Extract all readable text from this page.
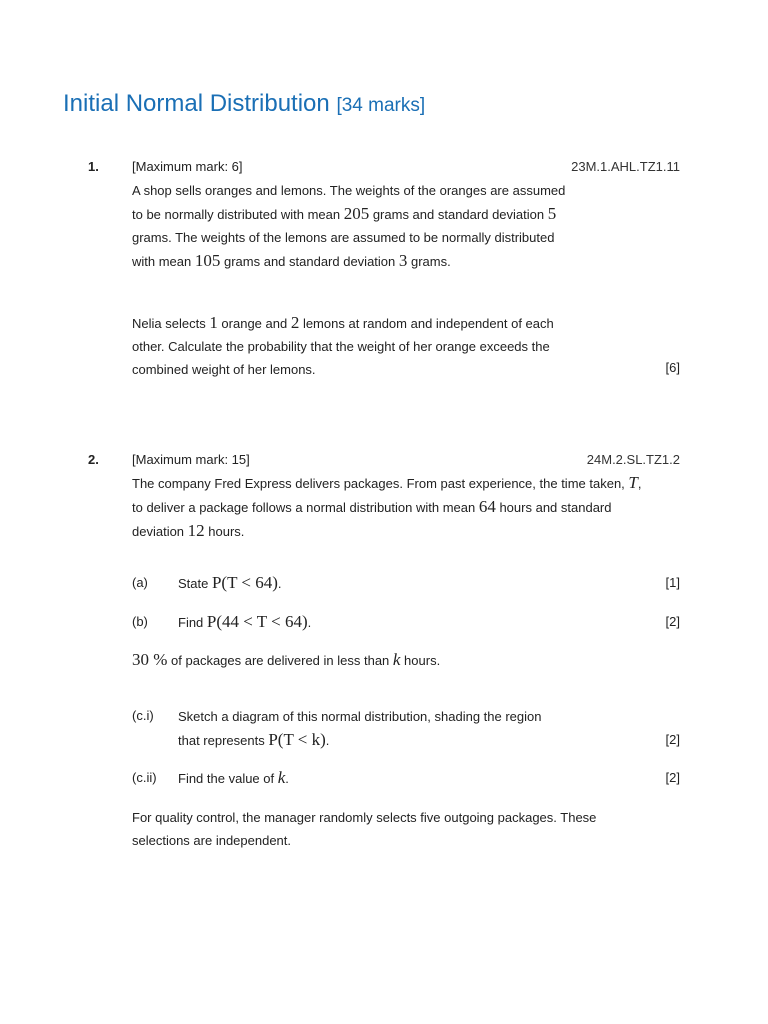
Initial Normal Distribution [34 marks]
1.	[Maximum mark: 6]	23M.1.AHL.TZ1.11
A shop sells oranges and lemons. The weights of the oranges are assumed to be normally distributed with mean 205 grams and standard deviation 5 grams. The weights of the lemons are assumed to be normally distributed with mean 105 grams and standard deviation 3 grams.
Nelia selects 1 orange and 2 lemons at random and independent of each other. Calculate the probability that the weight of her orange exceeds the combined weight of her lemons.	[6]
2.	[Maximum mark: 15]	24M.2.SL.TZ1.2
The company Fred Express delivers packages. From past experience, the time taken, T, to deliver a package follows a normal distribution with mean 64 hours and standard deviation 12 hours.
(a) State P(T < 64).	[1]
(b) Find P(44 < T < 64).	[2]
30 % of packages are delivered in less than k hours.
(c.i) Sketch a diagram of this normal distribution, shading the region that represents P(T < k).	[2]
(c.ii) Find the value of k.	[2]
For quality control, the manager randomly selects five outgoing packages. These selections are independent.
